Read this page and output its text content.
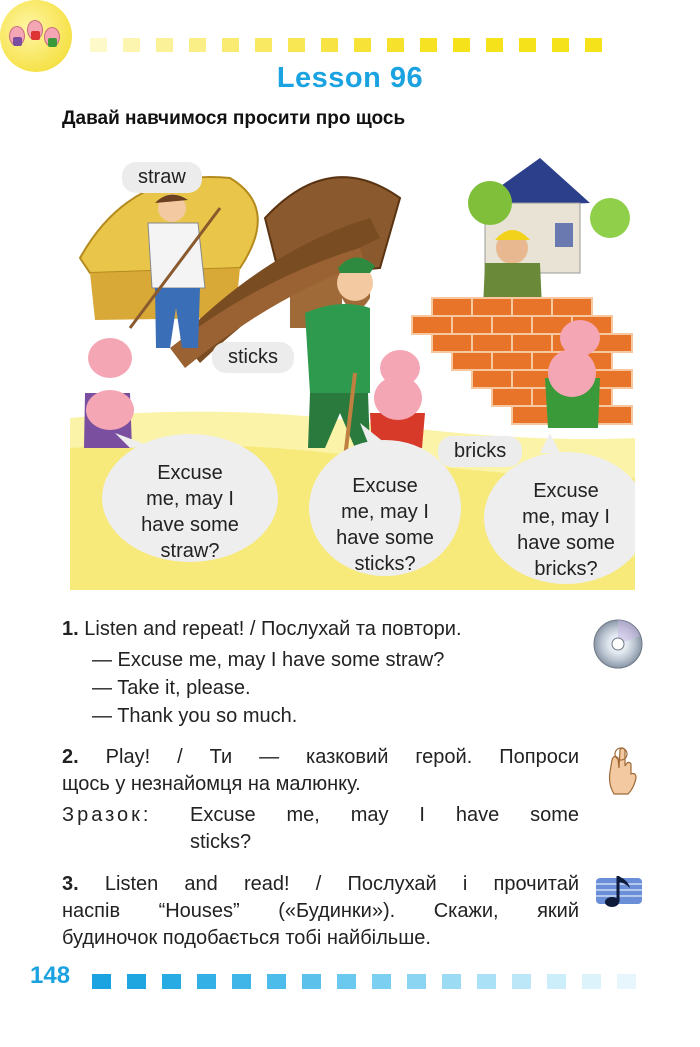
Lesson 96
Давай навчимося просити про щось
straw
sticks
bricks
Excuse
me, may I
have some
straw?
Excuse
me, may I
have some
sticks?
Excuse
me, may I
have some
bricks?
1. Listen and repeat! / Послухай та повтори.
— Excuse me, may I have some straw?
— Take it, please.
— Thank you so much.
2. Play! / Ти — казковий герой. Попроси
щось у незнайомця на малюнку.
Зразок: Excuse me, may I have some
sticks?
3. Listen and read! / Послухай і прочитай
наспів “Houses” («Будинки»). Скажи, який
будиночок подобається тобі найбільше.
148
